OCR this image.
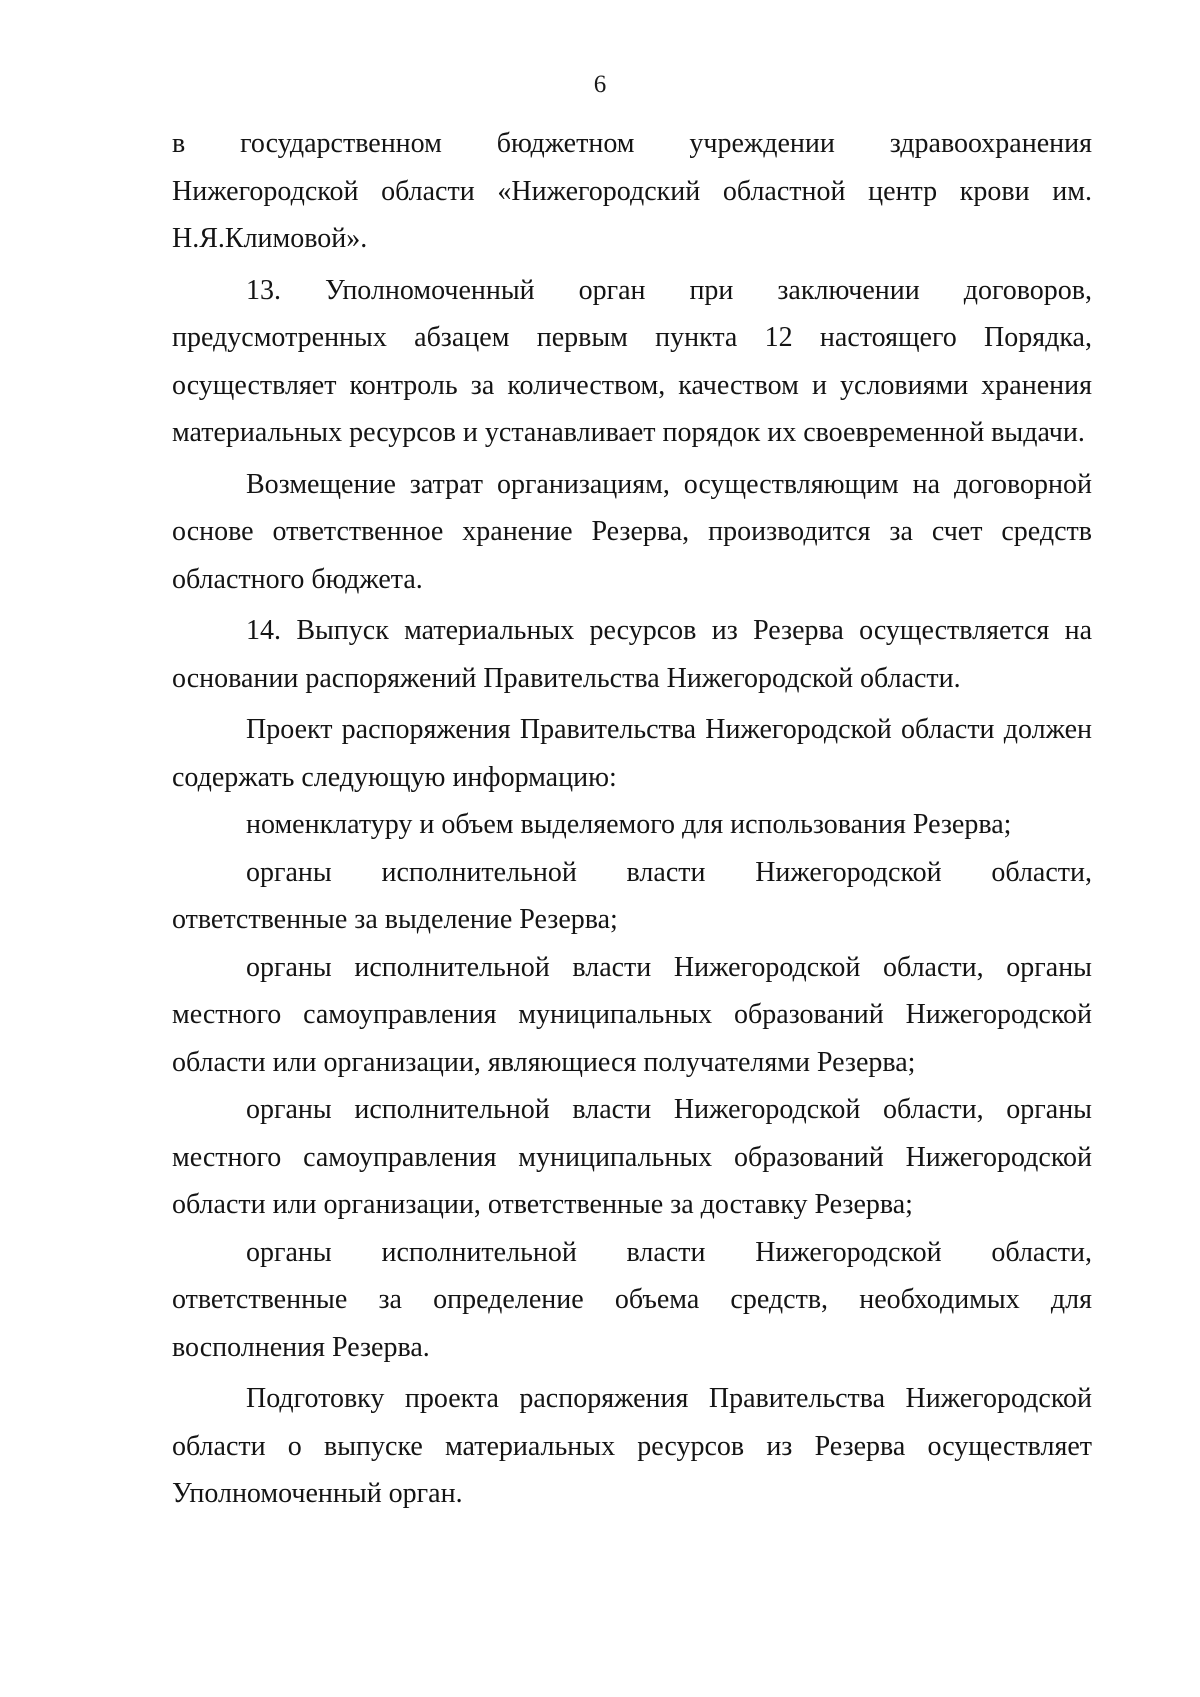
6

в государственном бюджетном учреждении здравоохранения Нижегородской области «Нижегородский областной центр крови им. Н.Я.Климовой».

13. Уполномоченный орган при заключении договоров, предусмотренных абзацем первым пункта 12 настоящего Порядка, осуществляет контроль за количеством, качеством и условиями хранения материальных ресурсов и устанавливает порядок их своевременной выдачи.

Возмещение затрат организациям, осуществляющим на договорной основе ответственное хранение Резерва, производится за счет средств областного бюджета.

14. Выпуск материальных ресурсов из Резерва осуществляется на основании распоряжений Правительства Нижегородской области.

Проект распоряжения Правительства Нижегородской области должен содержать следующую информацию:

номенклатуру и объем выделяемого для использования Резерва;

органы исполнительной власти Нижегородской области, ответственные за выделение Резерва;

органы исполнительной власти Нижегородской области, органы местного самоуправления муниципальных образований Нижегородской области или организации, являющиеся получателями Резерва;

органы исполнительной власти Нижегородской области, органы местного самоуправления муниципальных образований Нижегородской области или организации, ответственные за доставку Резерва;

органы исполнительной власти Нижегородской области, ответственные за определение объема средств, необходимых для восполнения Резерва.

Подготовку проекта распоряжения Правительства Нижегородской области о выпуске материальных ресурсов из Резерва осуществляет Уполномоченный орган.
